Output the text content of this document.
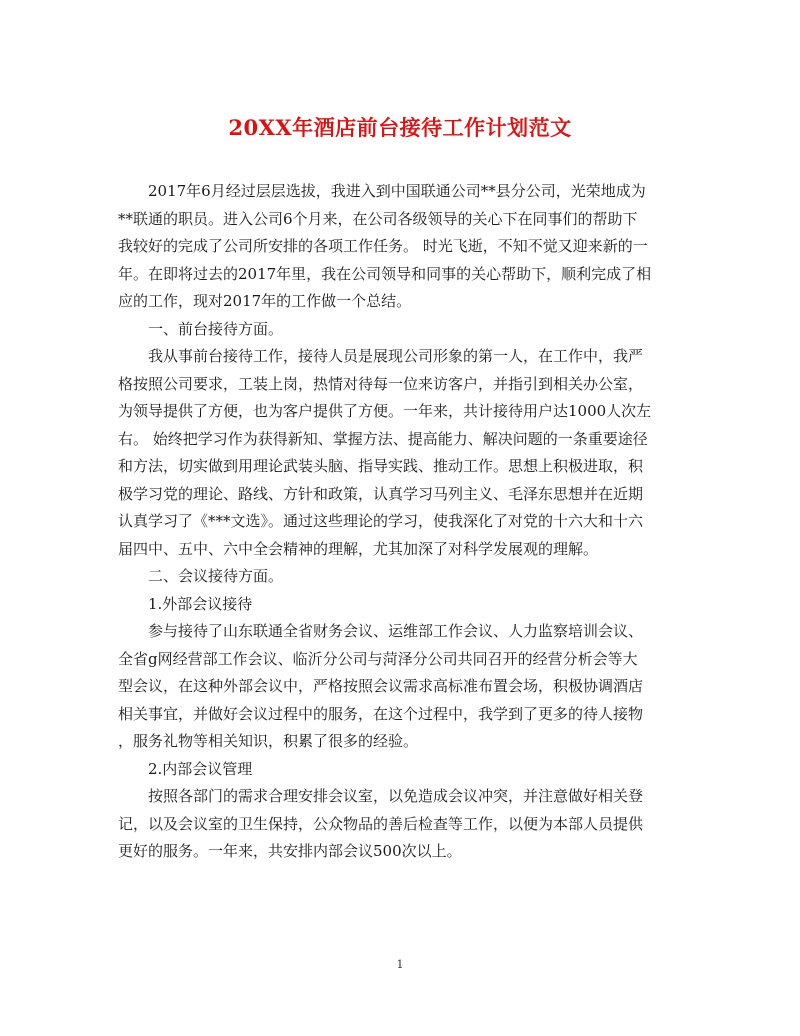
20XX年酒店前台接待工作计划范文
2017年6月经过层层选拔，我进入到中国联通公司**县分公司，光荣地成为
**联通的职员。进入公司6个月来，在公司各级领导的关心下在同事们的帮助下
我较好的完成了公司所安排的各项工作任务。 时光飞逝，不知不觉又迎来新的一
年。在即将过去的2017年里，我在公司领导和同事的关心帮助下，顺利完成了相
应的工作，现对2017年的工作做一个总结。
一、前台接待方面。
我从事前台接待工作，接待人员是展现公司形象的第一人，在工作中，我严
格按照公司要求，工装上岗，热情对待每一位来访客户，并指引到相关办公室，
为领导提供了方便，也为客户提供了方便。一年来，共计接待用户达1000人次左
右。 始终把学习作为获得新知、掌握方法、提高能力、解决问题的一条重要途径
和方法，切实做到用理论武装头脑、指导实践、推动工作。思想上积极进取，积
极学习党的理论、路线、方针和政策，认真学习马列主义、毛泽东思想并在近期
认真学习了《***文选》。通过这些理论的学习，使我深化了对党的十六大和十六
届四中、五中、六中全会精神的理解，尤其加深了对科学发展观的理解。
二、会议接待方面。
1.外部会议接待
参与接待了山东联通全省财务会议、运维部工作会议、人力监察培训会议、
全省g网经营部工作会议、临沂分公司与菏泽分公司共同召开的经营分析会等大
型会议，在这种外部会议中，严格按照会议需求高标准布置会场，积极协调酒店
相关事宜，并做好会议过程中的服务，在这个过程中，我学到了更多的待人接物
，服务礼物等相关知识，积累了很多的经验。
2.内部会议管理
按照各部门的需求合理安排会议室，以免造成会议冲突，并注意做好相关登
记，以及会议室的卫生保持，公众物品的善后检查等工作，以便为本部人员提供
更好的服务。一年来，共安排内部会议500次以上。
1
